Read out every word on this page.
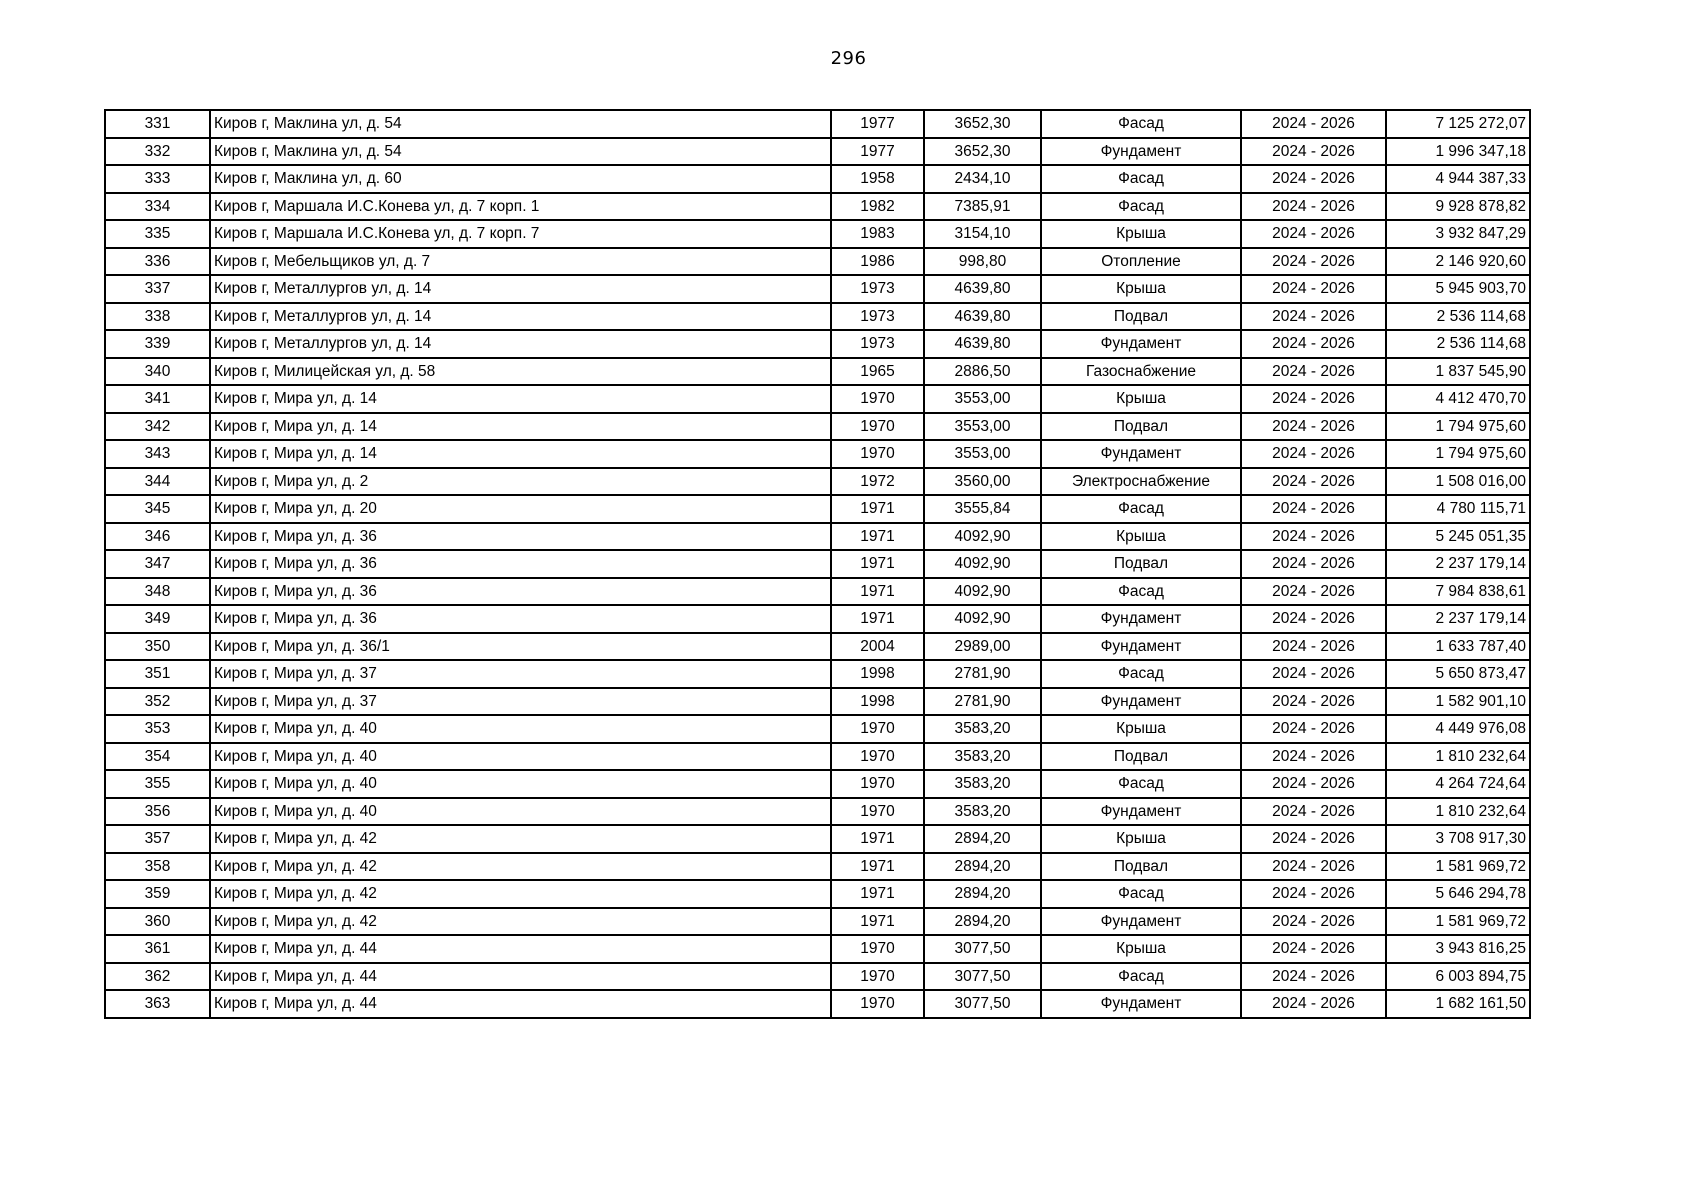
296
331	Киров г, Маклина ул, д. 54	1977	3652,30	Фасад	2024 - 2026	7 125 272,07
332	Киров г, Маклина ул, д. 54	1977	3652,30	Фундамент	2024 - 2026	1 996 347,18
333	Киров г, Маклина ул, д. 60	1958	2434,10	Фасад	2024 - 2026	4 944 387,33
334	Киров г, Маршала И.С.Конева ул, д. 7 корп. 1	1982	7385,91	Фасад	2024 - 2026	9 928 878,82
335	Киров г, Маршала И.С.Конева ул, д. 7 корп. 7	1983	3154,10	Крыша	2024 - 2026	3 932 847,29
336	Киров г, Мебельщиков ул, д. 7	1986	998,80	Отопление	2024 - 2026	2 146 920,60
337	Киров г, Металлургов ул, д. 14	1973	4639,80	Крыша	2024 - 2026	5 945 903,70
338	Киров г, Металлургов ул, д. 14	1973	4639,80	Подвал	2024 - 2026	2 536 114,68
339	Киров г, Металлургов ул, д. 14	1973	4639,80	Фундамент	2024 - 2026	2 536 114,68
340	Киров г, Милицейская ул, д. 58	1965	2886,50	Газоснабжение	2024 - 2026	1 837 545,90
341	Киров г, Мира ул, д. 14	1970	3553,00	Крыша	2024 - 2026	4 412 470,70
342	Киров г, Мира ул, д. 14	1970	3553,00	Подвал	2024 - 2026	1 794 975,60
343	Киров г, Мира ул, д. 14	1970	3553,00	Фундамент	2024 - 2026	1 794 975,60
344	Киров г, Мира ул, д. 2	1972	3560,00	Электроснабжение	2024 - 2026	1 508 016,00
345	Киров г, Мира ул, д. 20	1971	3555,84	Фасад	2024 - 2026	4 780 115,71
346	Киров г, Мира ул, д. 36	1971	4092,90	Крыша	2024 - 2026	5 245 051,35
347	Киров г, Мира ул, д. 36	1971	4092,90	Подвал	2024 - 2026	2 237 179,14
348	Киров г, Мира ул, д. 36	1971	4092,90	Фасад	2024 - 2026	7 984 838,61
349	Киров г, Мира ул, д. 36	1971	4092,90	Фундамент	2024 - 2026	2 237 179,14
350	Киров г, Мира ул, д. 36/1	2004	2989,00	Фундамент	2024 - 2026	1 633 787,40
351	Киров г, Мира ул, д. 37	1998	2781,90	Фасад	2024 - 2026	5 650 873,47
352	Киров г, Мира ул, д. 37	1998	2781,90	Фундамент	2024 - 2026	1 582 901,10
353	Киров г, Мира ул, д. 40	1970	3583,20	Крыша	2024 - 2026	4 449 976,08
354	Киров г, Мира ул, д. 40	1970	3583,20	Подвал	2024 - 2026	1 810 232,64
355	Киров г, Мира ул, д. 40	1970	3583,20	Фасад	2024 - 2026	4 264 724,64
356	Киров г, Мира ул, д. 40	1970	3583,20	Фундамент	2024 - 2026	1 810 232,64
357	Киров г, Мира ул, д. 42	1971	2894,20	Крыша	2024 - 2026	3 708 917,30
358	Киров г, Мира ул, д. 42	1971	2894,20	Подвал	2024 - 2026	1 581 969,72
359	Киров г, Мира ул, д. 42	1971	2894,20	Фасад	2024 - 2026	5 646 294,78
360	Киров г, Мира ул, д. 42	1971	2894,20	Фундамент	2024 - 2026	1 581 969,72
361	Киров г, Мира ул, д. 44	1970	3077,50	Крыша	2024 - 2026	3 943 816,25
362	Киров г, Мира ул, д. 44	1970	3077,50	Фасад	2024 - 2026	6 003 894,75
363	Киров г, Мира ул, д. 44	1970	3077,50	Фундамент	2024 - 2026	1 682 161,50
